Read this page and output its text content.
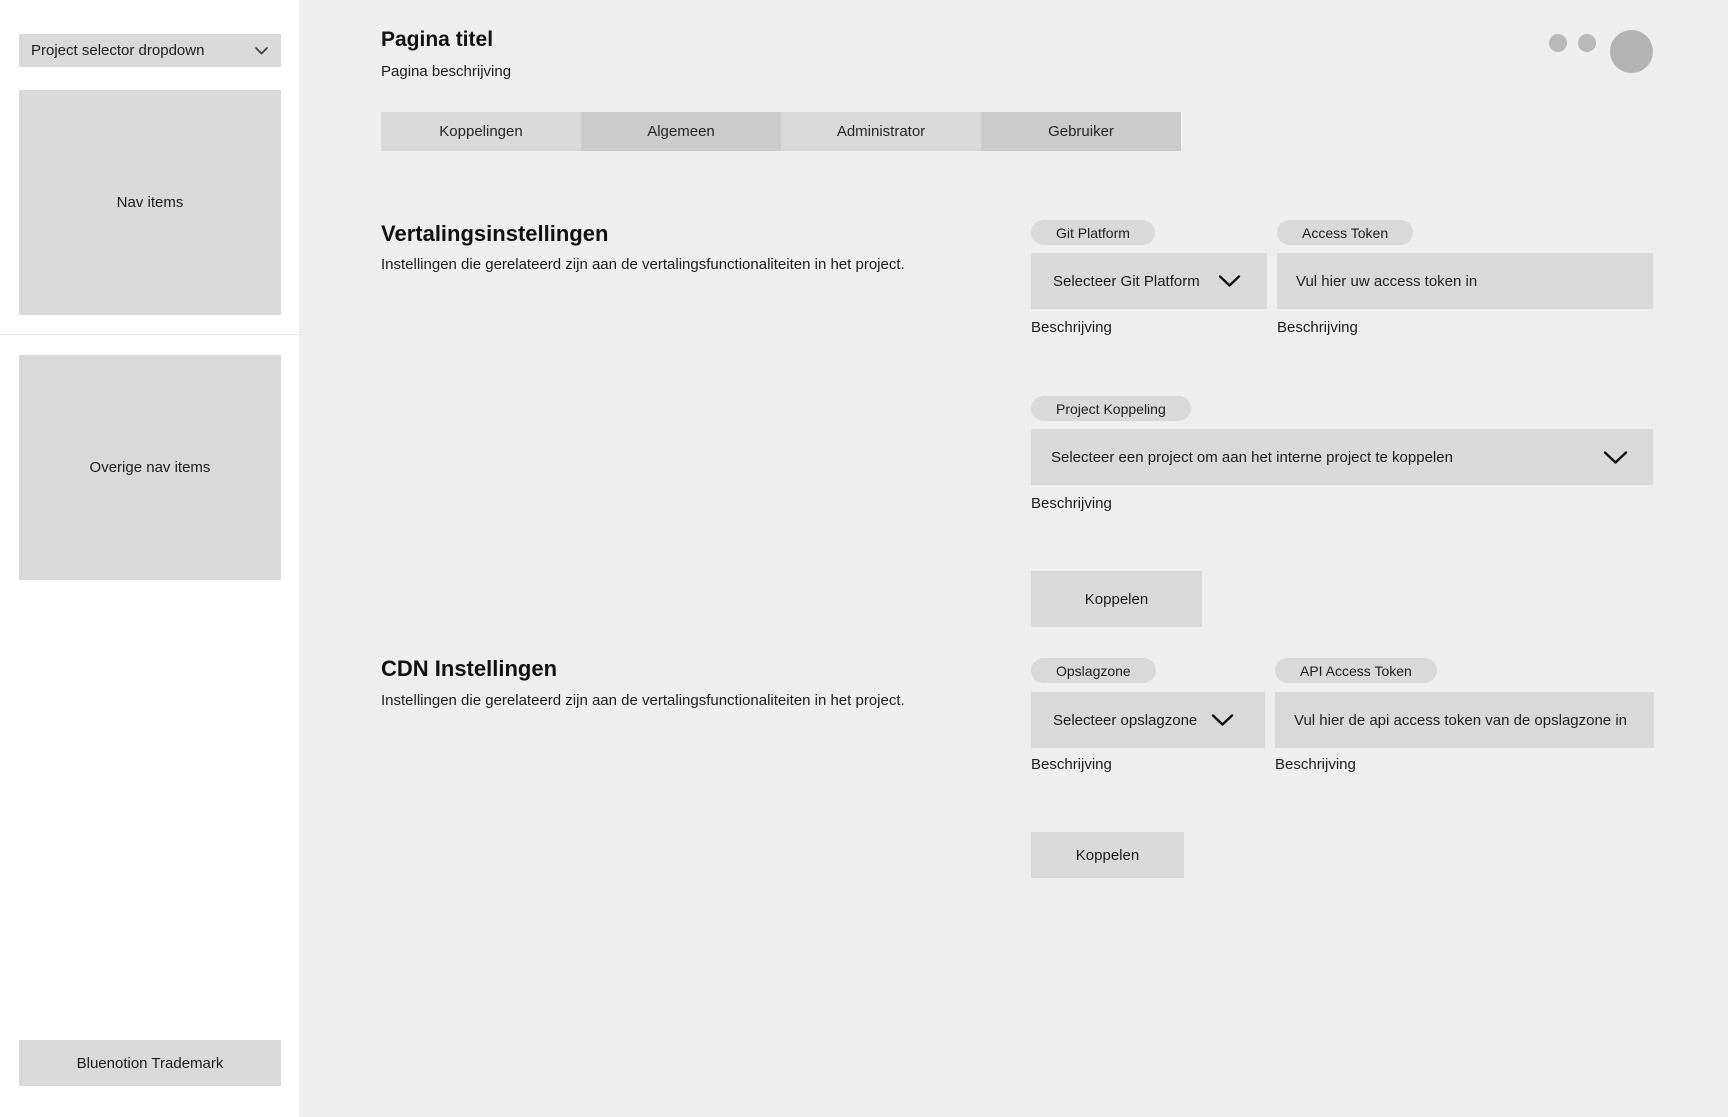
Project selector dropdown
Nav items
Overige nav items
Bluenotion Trademark
Pagina titel
Pagina beschrijving
Koppelingen	Algemeen	Administrator	Gebruiker
Vertalingsinstellingen
Instellingen die gerelateerd zijn aan de vertalingsfunctionaliteiten in het project.
Git Platform	Access Token
Selecteer Git Platform
Vul hier uw access token in
Beschrijving	Beschrijving
Project Koppeling
Selecteer een project om aan het interne project te koppelen
Beschrijving
Koppelen
CDN Instellingen
Instellingen die gerelateerd zijn aan de vertalingsfunctionaliteiten in het project.
Opslagzone	API Access Token
Selecteer opslagzone
Vul hier de api access token van de opslagzone in
Beschrijving	Beschrijving
Koppelen
